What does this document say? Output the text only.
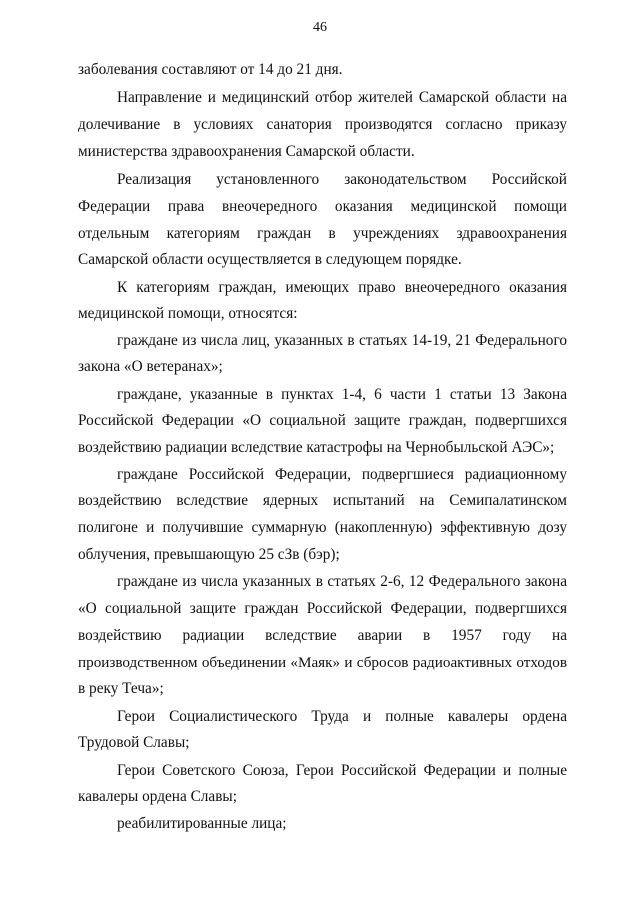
46
заболевания составляют от 14 до 21 дня.
Направление и медицинский отбор жителей Самарской области на
долечивание в условиях санатория производятся согласно приказу
министерства здравоохранения Самарской области.
Реализация установленного законодательством Российской
Федерации права внеочередного оказания медицинской помощи
отдельным категориям граждан в учреждениях здравоохранения
Самарской области осуществляется в следующем порядке.
К категориям граждан, имеющих право внеочередного оказания
медицинской помощи, относятся:
граждане из числа лиц, указанных в статьях 14-19, 21 Федерального
закона «О ветеранах»;
граждане, указанные в пунктах 1-4, 6 части 1 статьи 13 Закона
Российской Федерации «О социальной защите граждан, подвергшихся
воздействию радиации вследствие катастрофы на Чернобыльской АЭС»;
граждане Российской Федерации, подвергшиеся радиационному
воздействию вследствие ядерных испытаний на Семипалатинском
полигоне и получившие суммарную (накопленную) эффективную дозу
облучения, превышающую 25 сЗв (бэр);
граждане из числа указанных в статьях 2-6, 12 Федерального закона
«О социальной защите граждан Российской Федерации, подвергшихся
воздействию радиации вследствие аварии в 1957 году на
производственном объединении «Маяк» и сбросов радиоактивных отходов
в реку Теча»;
Герои Социалистического Труда и полные кавалеры ордена
Трудовой Славы;
Герои Советского Союза, Герои Российской Федерации и полные
кавалеры ордена Славы;
реабилитированные лица;
